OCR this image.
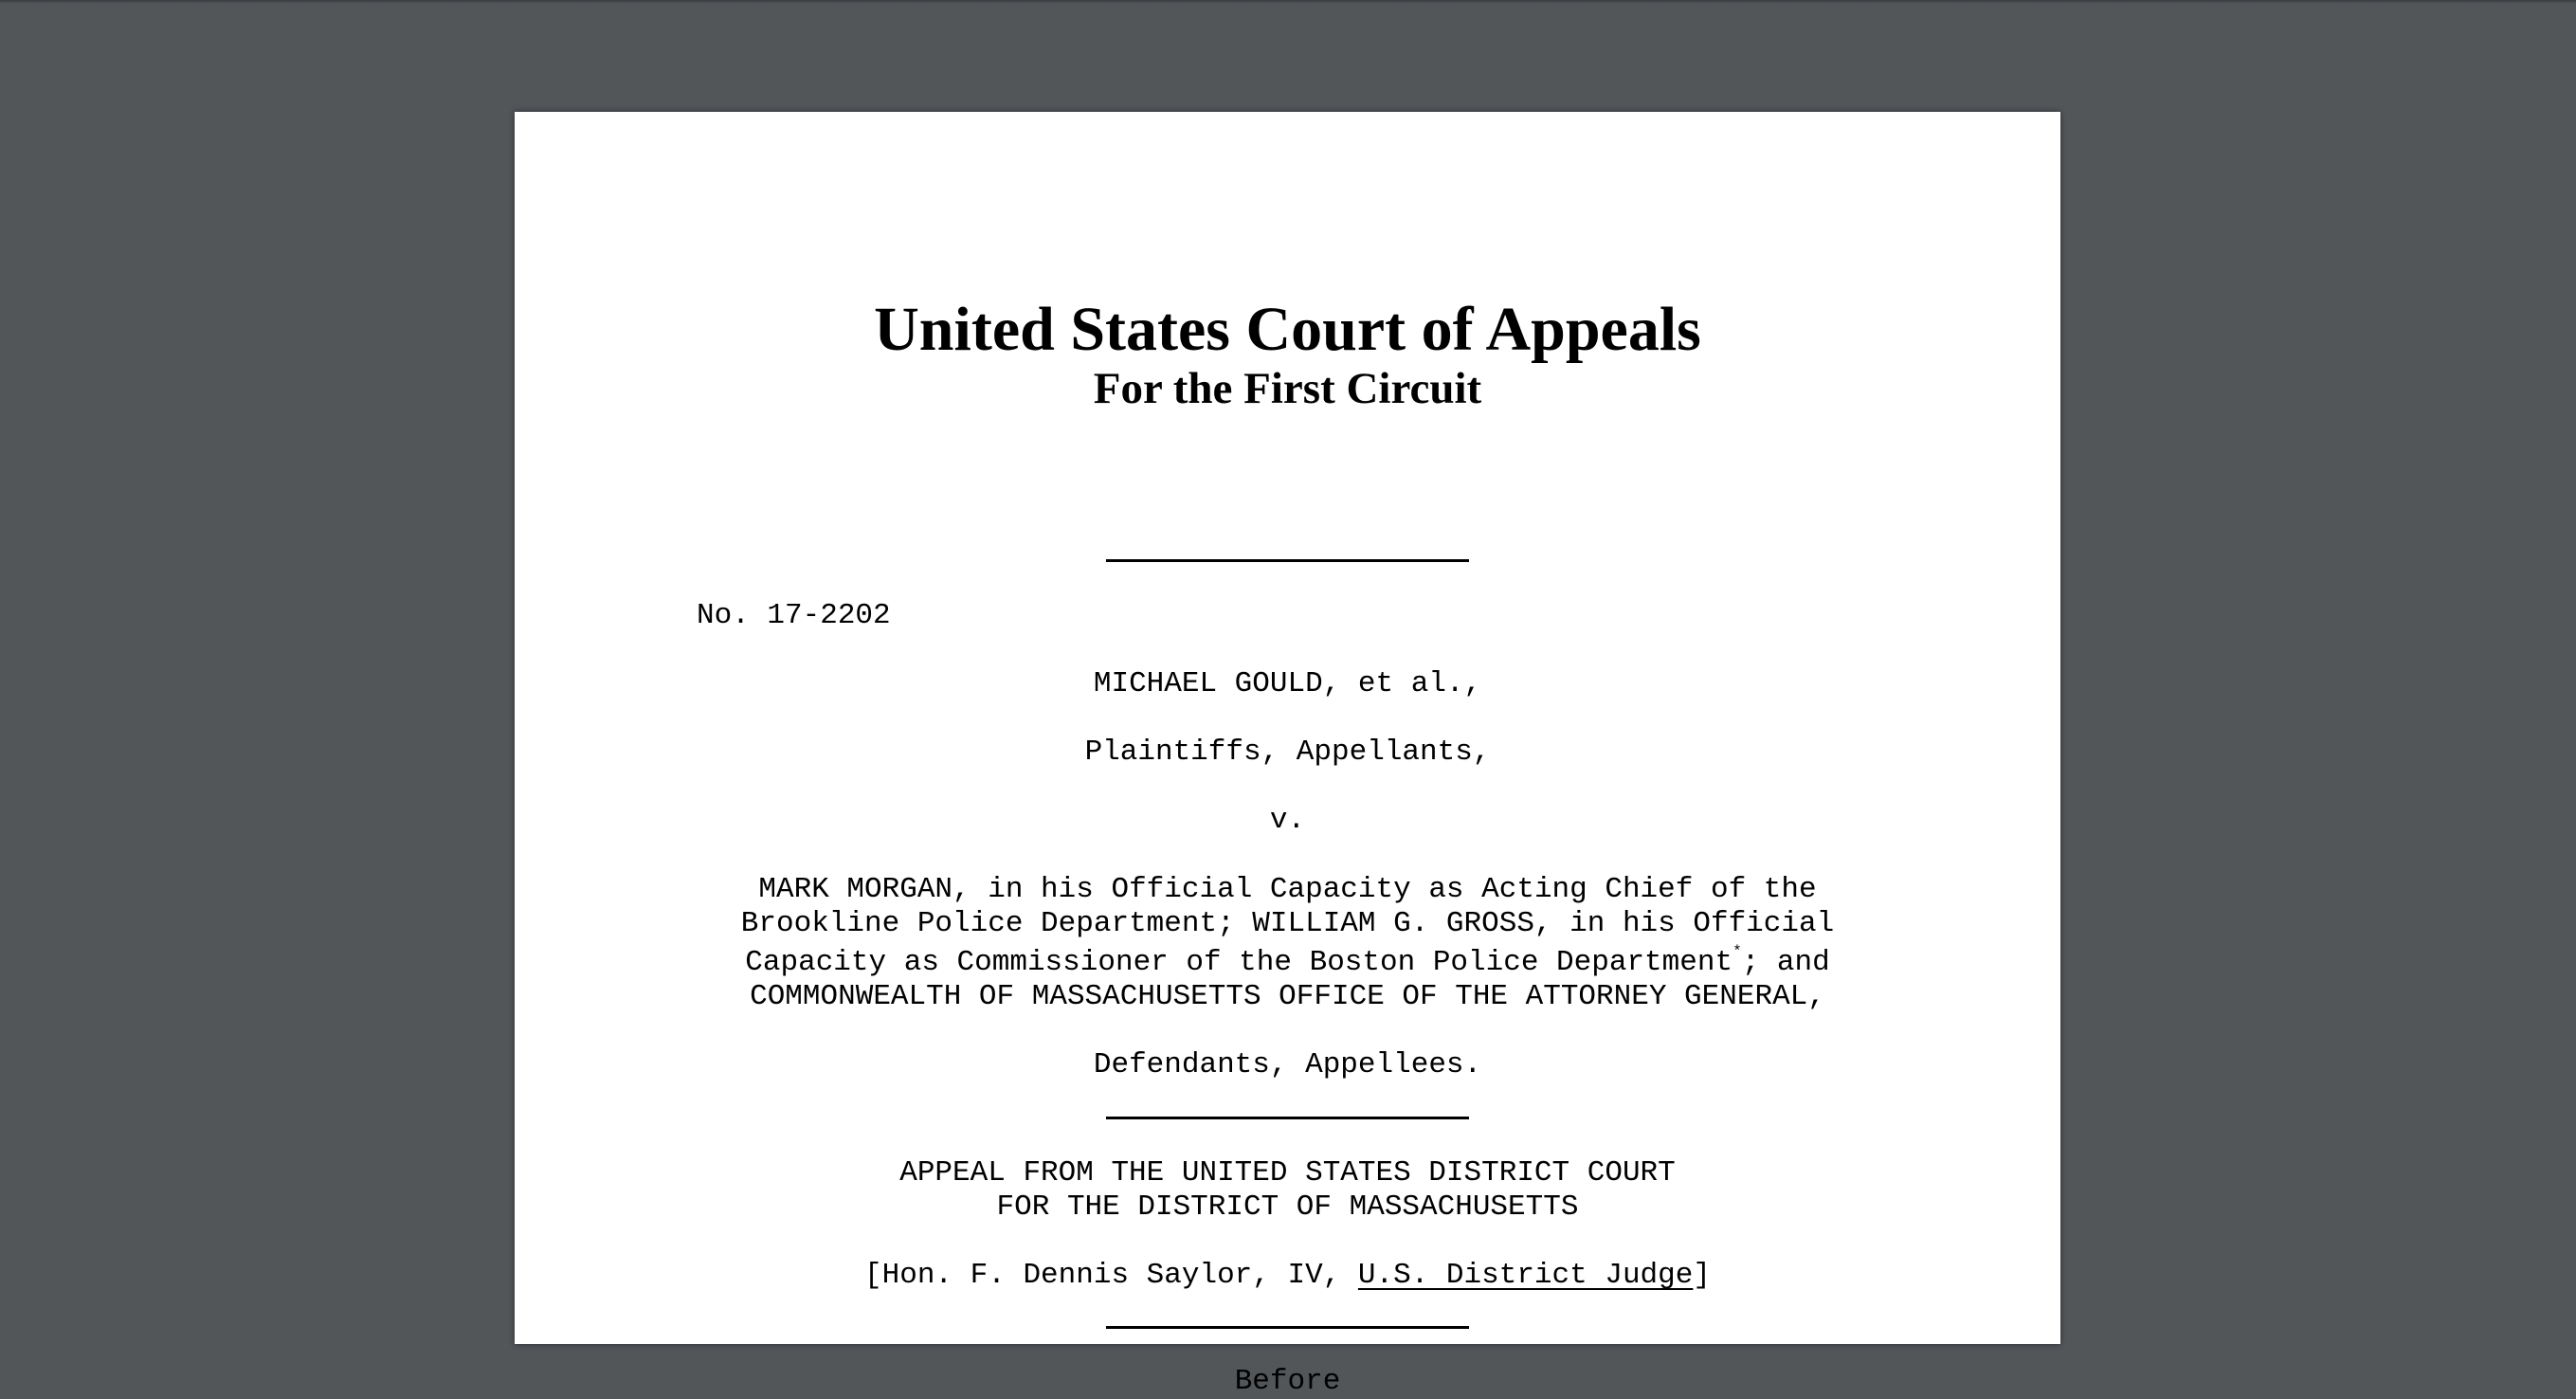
United States Court of Appeals
For the First Circuit
No. 17-2202
MICHAEL GOULD, et al.,
Plaintiffs, Appellants,
v.
MARK MORGAN, in his Official Capacity as Acting Chief of the
Brookline Police Department; WILLIAM G. GROSS, in his Official
Capacity as Commissioner of the Boston Police Department*; and
COMMONWEALTH OF MASSACHUSETTS OFFICE OF THE ATTORNEY GENERAL,
Defendants, Appellees.
APPEAL FROM THE UNITED STATES DISTRICT COURT
FOR THE DISTRICT OF MASSACHUSETTS
[Hon. F. Dennis Saylor, IV, U.S. District Judge]
Before
